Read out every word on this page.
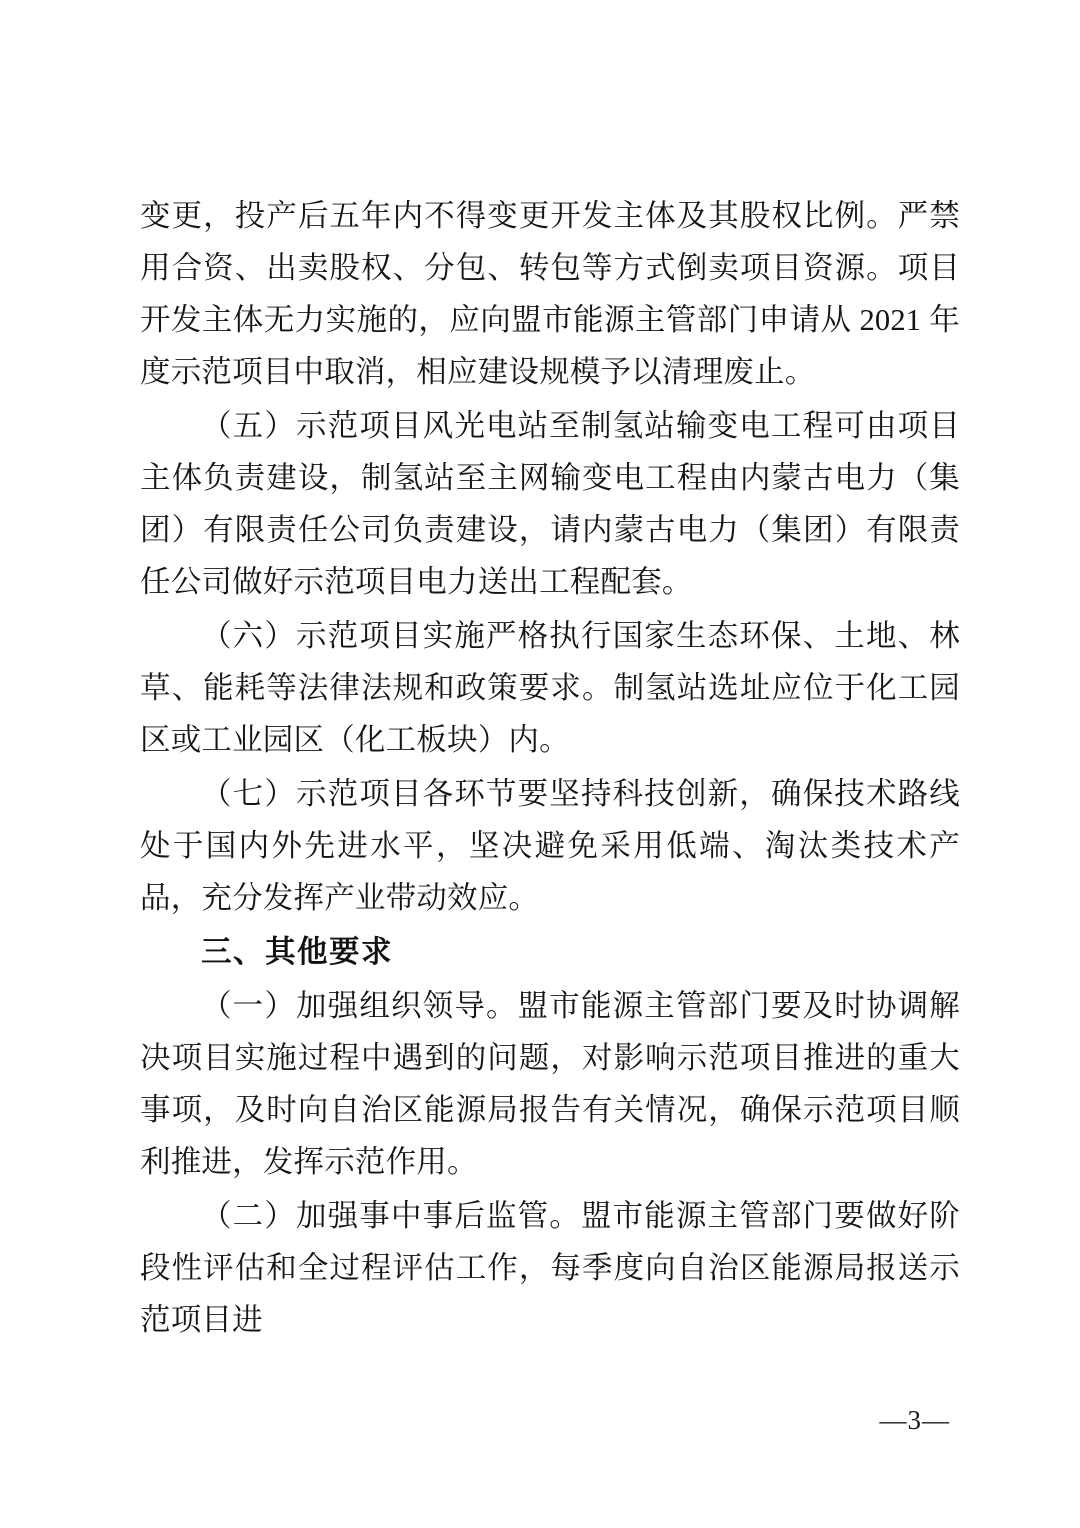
变更，投产后五年内不得变更开发主体及其股权比例。严禁用合资、出卖股权、分包、转包等方式倒卖项目资源。项目开发主体无力实施的，应向盟市能源主管部门申请从 2021 年度示范项目中取消，相应建设规模予以清理废止。

（五）示范项目风光电站至制氢站输变电工程可由项目主体负责建设，制氢站至主网输变电工程由内蒙古电力（集团）有限责任公司负责建设，请内蒙古电力（集团）有限责任公司做好示范项目电力送出工程配套。

（六）示范项目实施严格执行国家生态环保、土地、林草、能耗等法律法规和政策要求。制氢站选址应位于化工园区或工业园区（化工板块）内。

（七）示范项目各环节要坚持科技创新，确保技术路线处于国内外先进水平，坚决避免采用低端、淘汰类技术产品，充分发挥产业带动效应。

三、其他要求

（一）加强组织领导。盟市能源主管部门要及时协调解决项目实施过程中遇到的问题，对影响示范项目推进的重大事项，及时向自治区能源局报告有关情况，确保示范项目顺利推进，发挥示范作用。

（二）加强事中事后监管。盟市能源主管部门要做好阶段性评估和全过程评估工作，每季度向自治区能源局报送示范项目进

—3—
